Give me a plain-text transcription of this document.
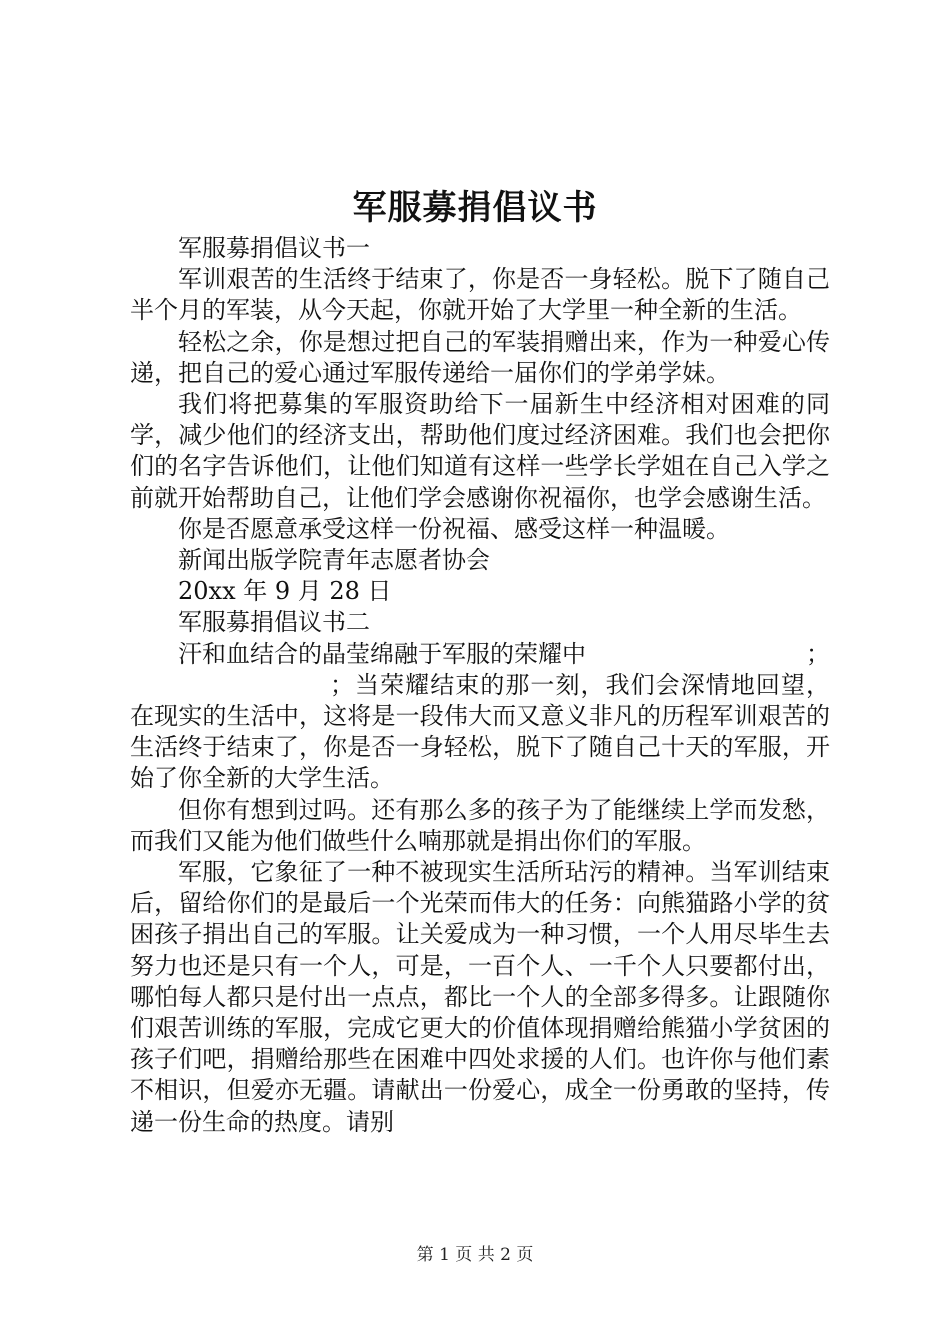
军服募捐倡议书

军服募捐倡议书一

军训艰苦的生活终于结束了，你是否一身轻松。脱下了随自己半个月的军装，从今天起，你就开始了大学里一种全新的生活。

轻松之余，你是想过把自己的军装捐赠出来，作为一种爱心传递，把自己的爱心通过军服传递给一届你们的学弟学妹。

我们将把募集的军服资助给下一届新生中经济相对困难的同学，减少他们的经济支出，帮助他们度过经济困难。我们也会把你们的名字告诉他们，让他们知道有这样一些学长学姐在自己入学之前就开始帮助自己，让他们学会感谢你祝福你，也学会感谢生活。

你是否愿意承受这样一份祝福、感受这样一种温暖。

新闻出版学院青年志愿者协会

20xx 年 9 月 28 日

军服募捐倡议书二

汗和血结合的晶莹绵融于军服的荣耀中	；

；当荣耀结束的那一刻，我们会深情地回望，在现实的生活中，这将是一段伟大而又意义非凡的历程军训艰苦的生活终于结束了，你是否一身轻松，脱下了随自己十天的军服，开始了你全新的大学生活。

但你有想到过吗。还有那么多的孩子为了能继续上学而发愁，而我们又能为他们做些什么喃那就是捐出你们的军服。

军服，它象征了一种不被现实生活所玷污的精神。当军训结束后，留给你们的是最后一个光荣而伟大的任务：向熊猫路小学的贫困孩子捐出自己的军服。让关爱成为一种习惯，一个人用尽毕生去努力也还是只有一个人，可是，一百个人、一千个人只要都付出，哪怕每人都只是付出一点点，都比一个人的全部多得多。让跟随你们艰苦训练的军服，完成它更大的价值体现捐赠给熊猫小学贫困的孩子们吧，捐赠给那些在困难中四处求援的人们。也许你与他们素不相识，但爱亦无疆。请献出一份爱心，成全一份勇敢的坚持，传递一份生命的热度。请别

第 1 页 共 2 页
